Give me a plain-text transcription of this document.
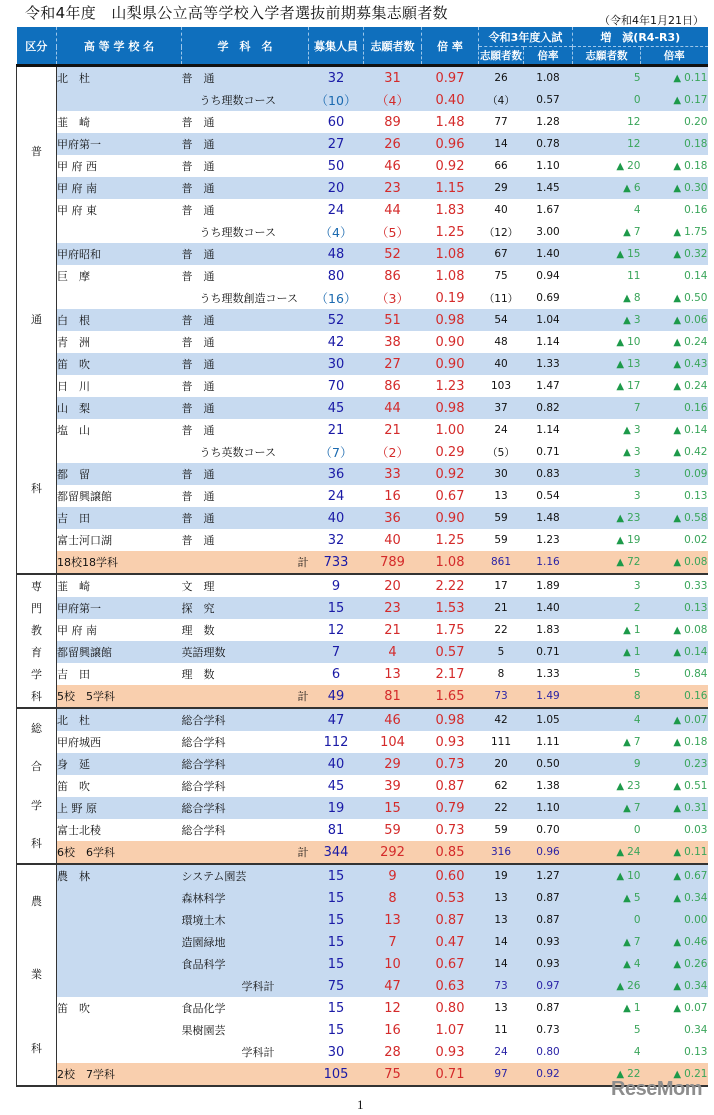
令和4年度　山梨県公立高等学校入学者選抜前期募集志願者数	（令和4年1月21日）
区分	高 等 学 校 名	学　科　名	募集人員	志願者数	倍 率	令和3年度入試		増　減(R4-R3)	
						志願者数	倍率	志願者数	倍率

普
通
科	北　杜	普　通	32	31	0.97	26	1.08	5	▲ 0.11
		うち理数コース	（10）	（4）	0.40	（4）	0.57	0	▲ 0.17
	韮　崎	普　通	60	89	1.48	77	1.28	12	0.20
	甲府第一	普　通	27	26	0.96	14	0.78	12	0.18
	甲 府 西	普　通	50	46	0.92	66	1.10	▲ 20	▲ 0.18
	甲 府 南	普　通	20	23	1.15	29	1.45	▲ 6	▲ 0.30
	甲 府 東	普　通	24	44	1.83	40	1.67	4	0.16
		うち理数コース	（4）	（5）	1.25	（12）	3.00	▲ 7	▲ 1.75
	甲府昭和	普　通	48	52	1.08	67	1.40	▲ 15	▲ 0.32
	巨　摩	普　通	80	86	1.08	75	0.94	11	0.14
		うち理数創造コース	（16）	（3）	0.19	（11）	0.69	▲ 8	▲ 0.50
	白　根	普　通	52	51	0.98	54	1.04	▲ 3	▲ 0.06
	青　洲	普　通	42	38	0.90	48	1.14	▲ 10	▲ 0.24
	笛　吹	普　通	30	27	0.90	40	1.33	▲ 13	▲ 0.43
	日　川	普　通	70	86	1.23	103	1.47	▲ 17	▲ 0.24
	山　梨	普　通	45	44	0.98	37	0.82	7	0.16
	塩　山	普　通	21	21	1.00	24	1.14	▲ 3	▲ 0.14
		うち英数コース	（7）	（2）	0.29	（5）	0.71	▲ 3	▲ 0.42
	都　留	普　通	36	33	0.92	30	0.83	3	0.09
	都留興譲館	普　通	24	16	0.67	13	0.54	3	0.13
	吉　田	普　通	40	36	0.90	59	1.48	▲ 23	▲ 0.58
	富士河口湖	普　通	32	40	1.25	59	1.23	▲ 19	0.02
	18校18学科	計	733	789	1.08	861	1.16	▲ 72	▲ 0.08

専
門
教
育
学
科
	韮　崎	文　理	9	20	2.22	17	1.89	3	0.33
	甲府第一	探　究	15	23	1.53	21	1.40	2	0.13
	甲 府 南	理　数	12	21	1.75	22	1.83	▲ 1	▲ 0.08
	都留興譲館	英語理数	7	4	0.57	5	0.71	▲ 1	▲ 0.14
	吉　田	理　数	6	13	2.17	8	1.33	5	0.84
	5校　5学科	計	49	81	1.65	73	1.49	8	0.16

総
合
学
科	北　杜	総合学科	47	46	0.98	42	1.05	4	▲ 0.07
	甲府城西	総合学科	112	104	0.93	111	1.11	▲ 7	▲ 0.18
	身　延	総合学科	40	29	0.73	20	0.50	9	0.23
	笛　吹	総合学科	45	39	0.87	62	1.38	▲ 23	▲ 0.51
	上 野 原	総合学科	19	15	0.79	22	1.10	▲ 7	▲ 0.31
	富士北稜	総合学科	81	59	0.73	59	0.70	0	0.03
	6校　6学科	計	344	292	0.85	316	0.96	▲ 24	▲ 0.11

農
業
科	農　林	システム園芸	15	9	0.60	19	1.27	▲ 10	▲ 0.67
		森林科学	15	8	0.53	13	0.87	▲ 5	▲ 0.34
		環境土木	15	13	0.87	13	0.87	0	0.00
		造園緑地	15	7	0.47	14	0.93	▲ 7	▲ 0.46
		食品科学	15	10	0.67	14	0.93	▲ 4	▲ 0.26
		学科計	75	47	0.63	73	0.97	▲ 26	▲ 0.34
	笛　吹	食品化学	15	12	0.80	13	0.87	▲ 1	▲ 0.07
		果樹園芸	15	16	1.07	11	0.73	5	0.34
		学科計	30	28	0.93	24	0.80	4	0.13
	2校　7学科		105	75	0.71	97	0.92	▲ 22	▲ 0.21
1
ReseMom
